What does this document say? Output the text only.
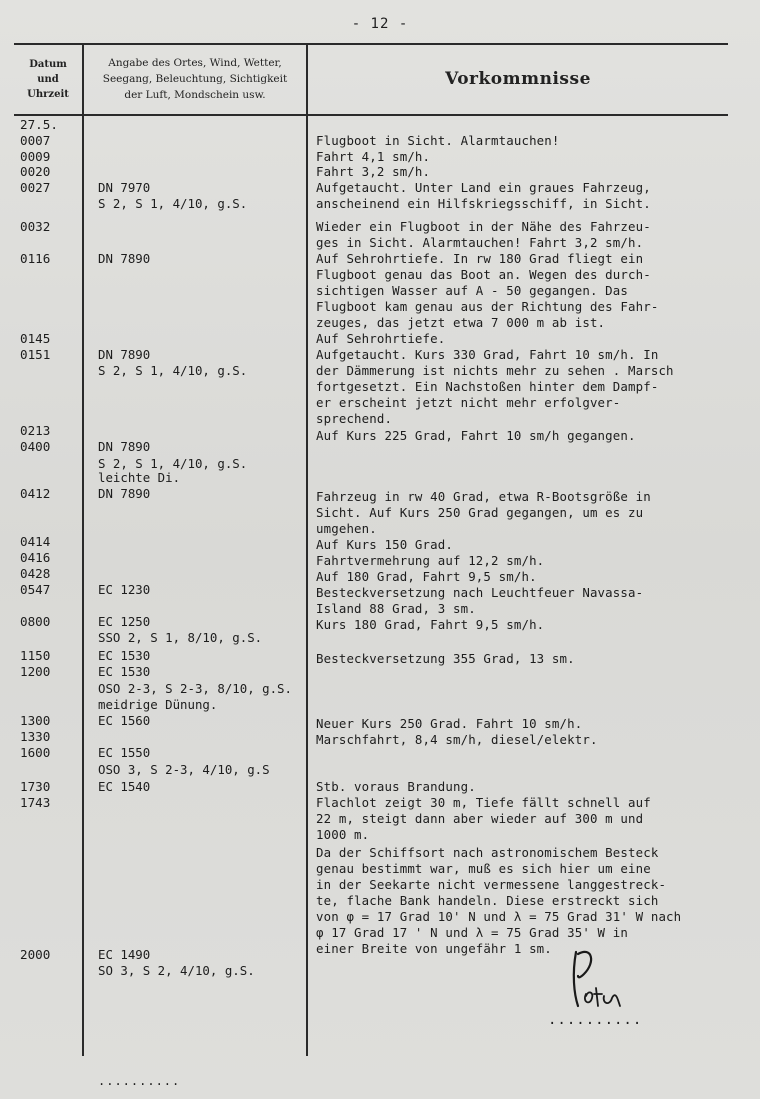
- 12 -
Datum
und
Uhrzeit
Angabe des Ortes, Wind, Wetter,
Seegang, Beleuchtung, Sichtigkeit
der Luft, Mondschein usw.
Vorkommnisse
27.5.
0007
0009
0020
0027
0032
0116
0145
0151
0213
0400
0412
0414
0416
0428
0547
0800
1150
1200
1300
1330
1600
1730
1743
2000
DN 7970
S 2, S 1, 4/10, g.S.
DN 7890
DN 7890
S 2, S 1, 4/10, g.S.
DN 7890
S 2, S 1, 4/10, g.S.
leichte Di.
DN 7890
EC 1230
EC 1250
SSO 2, S 1, 8/10, g.S.
EC 1530
EC 1530
OSO 2-3, S 2-3, 8/10, g.S.
meidrige Dünung.
EC 1560
EC 1550
OSO 3, S 2-3, 4/10, g.S
EC 1540
EC 1490
SO 3, S 2, 4/10, g.S.
Flugboot in Sicht. Alarmtauchen!
Fahrt 4,1 sm/h.
Fahrt 3,2 sm/h.
Aufgetaucht. Unter Land ein graues Fahrzeug,
anscheinend ein Hilfskriegsschiff, in Sicht.
Wieder ein Flugboot in der Nähe des Fahrzeu-
ges in Sicht. Alarmtauchen! Fahrt 3,2 sm/h.
Auf Sehrohrtiefe. In rw 180 Grad fliegt ein
Flugboot genau das Boot an. Wegen des durch-
sichtigen Wasser auf A - 50 gegangen. Das
Flugboot kam genau aus der Richtung des Fahr-
zeuges, das jetzt etwa 7 000 m ab ist.
Auf Sehrohrtiefe.
Aufgetaucht. Kurs 330 Grad, Fahrt 10 sm/h. In
der Dämmerung ist nichts mehr zu sehen . Marsch
fortgesetzt. Ein Nachstoßen hinter dem Dampf-
er erscheint jetzt nicht mehr erfolgver-
sprechend.
Auf Kurs 225 Grad, Fahrt 10 sm/h gegangen.
Fahrzeug in rw 40 Grad, etwa R-Bootsgröße in
Sicht. Auf Kurs 250 Grad gegangen, um es zu
umgehen.
Auf Kurs 150 Grad.
Fahrtvermehrung auf 12,2 sm/h.
Auf 180 Grad, Fahrt 9,5 sm/h.
Besteckversetzung nach Leuchtfeuer Navassa-
Island 88 Grad, 3 sm.
Kurs 180 Grad, Fahrt 9,5 sm/h.
Besteckversetzung 355 Grad, 13 sm.
Neuer Kurs 250 Grad. Fahrt 10 sm/h.
Marschfahrt, 8,4 sm/h, diesel/elektr.
Stb. voraus Brandung.
Flachlot zeigt 30 m, Tiefe fällt schnell auf
22 m, steigt dann aber wieder auf 300 m und
1000 m.
Da der Schiffsort nach astronomischem Besteck
genau bestimmt war, muß es sich hier um eine
in der Seekarte nicht vermessene langgestreck-
te, flache Bank handeln. Diese erstreckt sich
von φ = 17 Grad 10' N und λ = 75 Grad 31' W nach
φ 17 Grad 17 ' N und λ = 75 Grad 35' W in
einer Breite von ungefähr 1 sm.
..........
..........
